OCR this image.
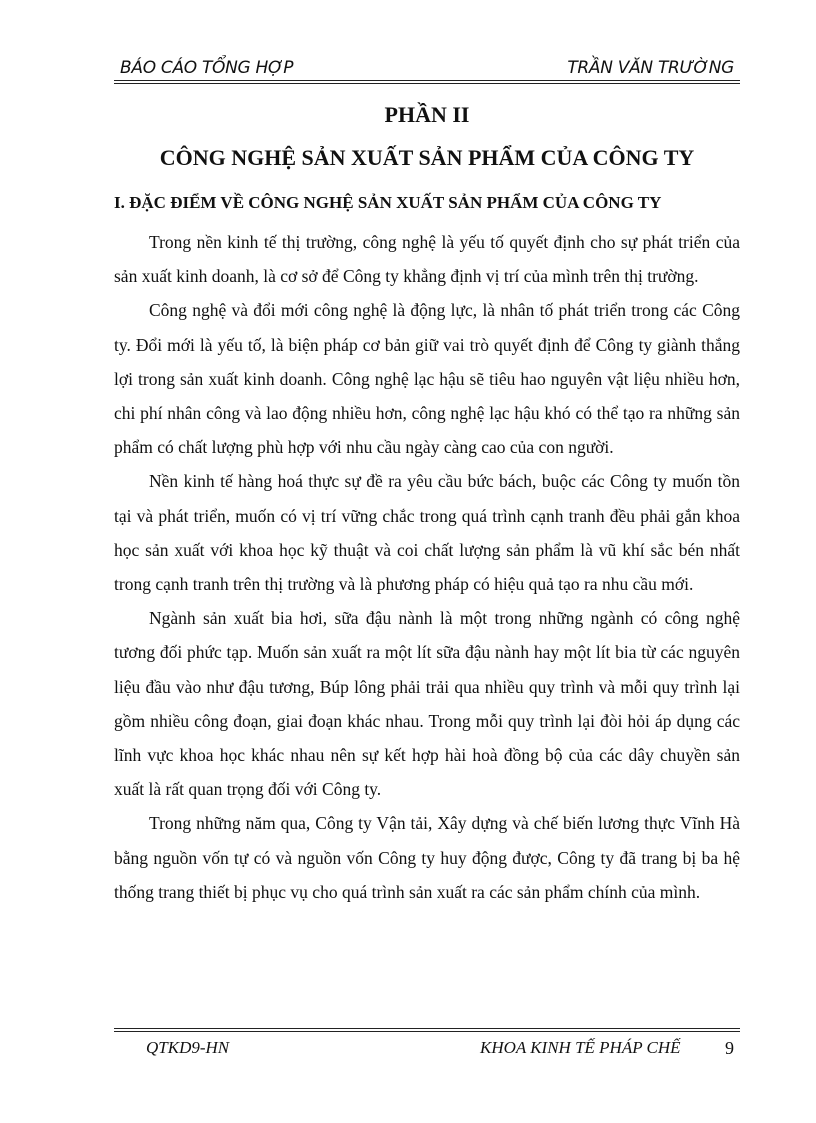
BÁO CÁO TỔNG HỢP	TRẦN VĂN TRƯỜNG
PHẦN II
CÔNG NGHỆ SẢN XUẤT SẢN PHẨM CỦA CÔNG TY
I. ĐẶC ĐIỂM VỀ CÔNG NGHỆ SẢN XUẤT SẢN PHẨM CỦA CÔNG TY

Trong nền kinh tế thị trường, công nghệ là yếu tố quyết định cho sự phát triển của sản xuất kinh doanh, là cơ sở để Công ty khẳng định vị trí của mình trên thị trường.

Công nghệ và đổi mới công nghệ là động lực, là nhân tố phát triển trong các Công ty. Đổi mới là yếu tố, là biện pháp cơ bản giữ vai trò quyết định để Công ty giành thắng lợi trong sản xuất kinh doanh. Công nghệ lạc hậu sẽ tiêu hao nguyên vật liệu nhiều hơn, chi phí nhân công và lao động nhiều hơn, công nghệ lạc hậu khó có thể tạo ra những sản phẩm có chất lượng phù hợp với nhu cầu ngày càng cao của con người.

Nền kinh tế hàng hoá thực sự đề ra yêu cầu bức bách, buộc các Công ty muốn tồn tại và phát triển, muốn có vị trí vững chắc trong quá trình cạnh tranh đều phải gắn khoa học sản xuất với khoa học kỹ thuật và coi chất lượng sản phẩm là vũ khí sắc bén nhất trong cạnh tranh trên thị trường và là phương pháp có hiệu quả tạo ra nhu cầu mới.

Ngành sản xuất bia hơi, sữa đậu nành là một trong những ngành có công nghệ tương đối phức tạp. Muốn sản xuất ra một lít sữa đậu nành hay một lít bia từ các nguyên liệu đầu vào như đậu tương, Búp lông phải trải qua nhiều quy trình và mỗi quy trình lại gồm nhiều công đoạn, giai đoạn khác nhau. Trong mỗi quy trình lại đòi hỏi áp dụng các lĩnh vực khoa học khác nhau nên sự kết hợp hài hoà đồng bộ của các dây chuyền sản xuất là rất quan trọng đối với Công ty.

Trong những năm qua, Công ty Vận tải, Xây dựng và chế biến lương thực Vĩnh Hà bằng nguồn vốn tự có và nguồn vốn Công ty huy động được, Công ty đã trang bị ba hệ thống trang thiết bị phục vụ cho quá trình sản xuất ra các sản phẩm chính của mình.

QTKD9-HN	KHOA KINH TẾ PHÁP CHẾ 9
